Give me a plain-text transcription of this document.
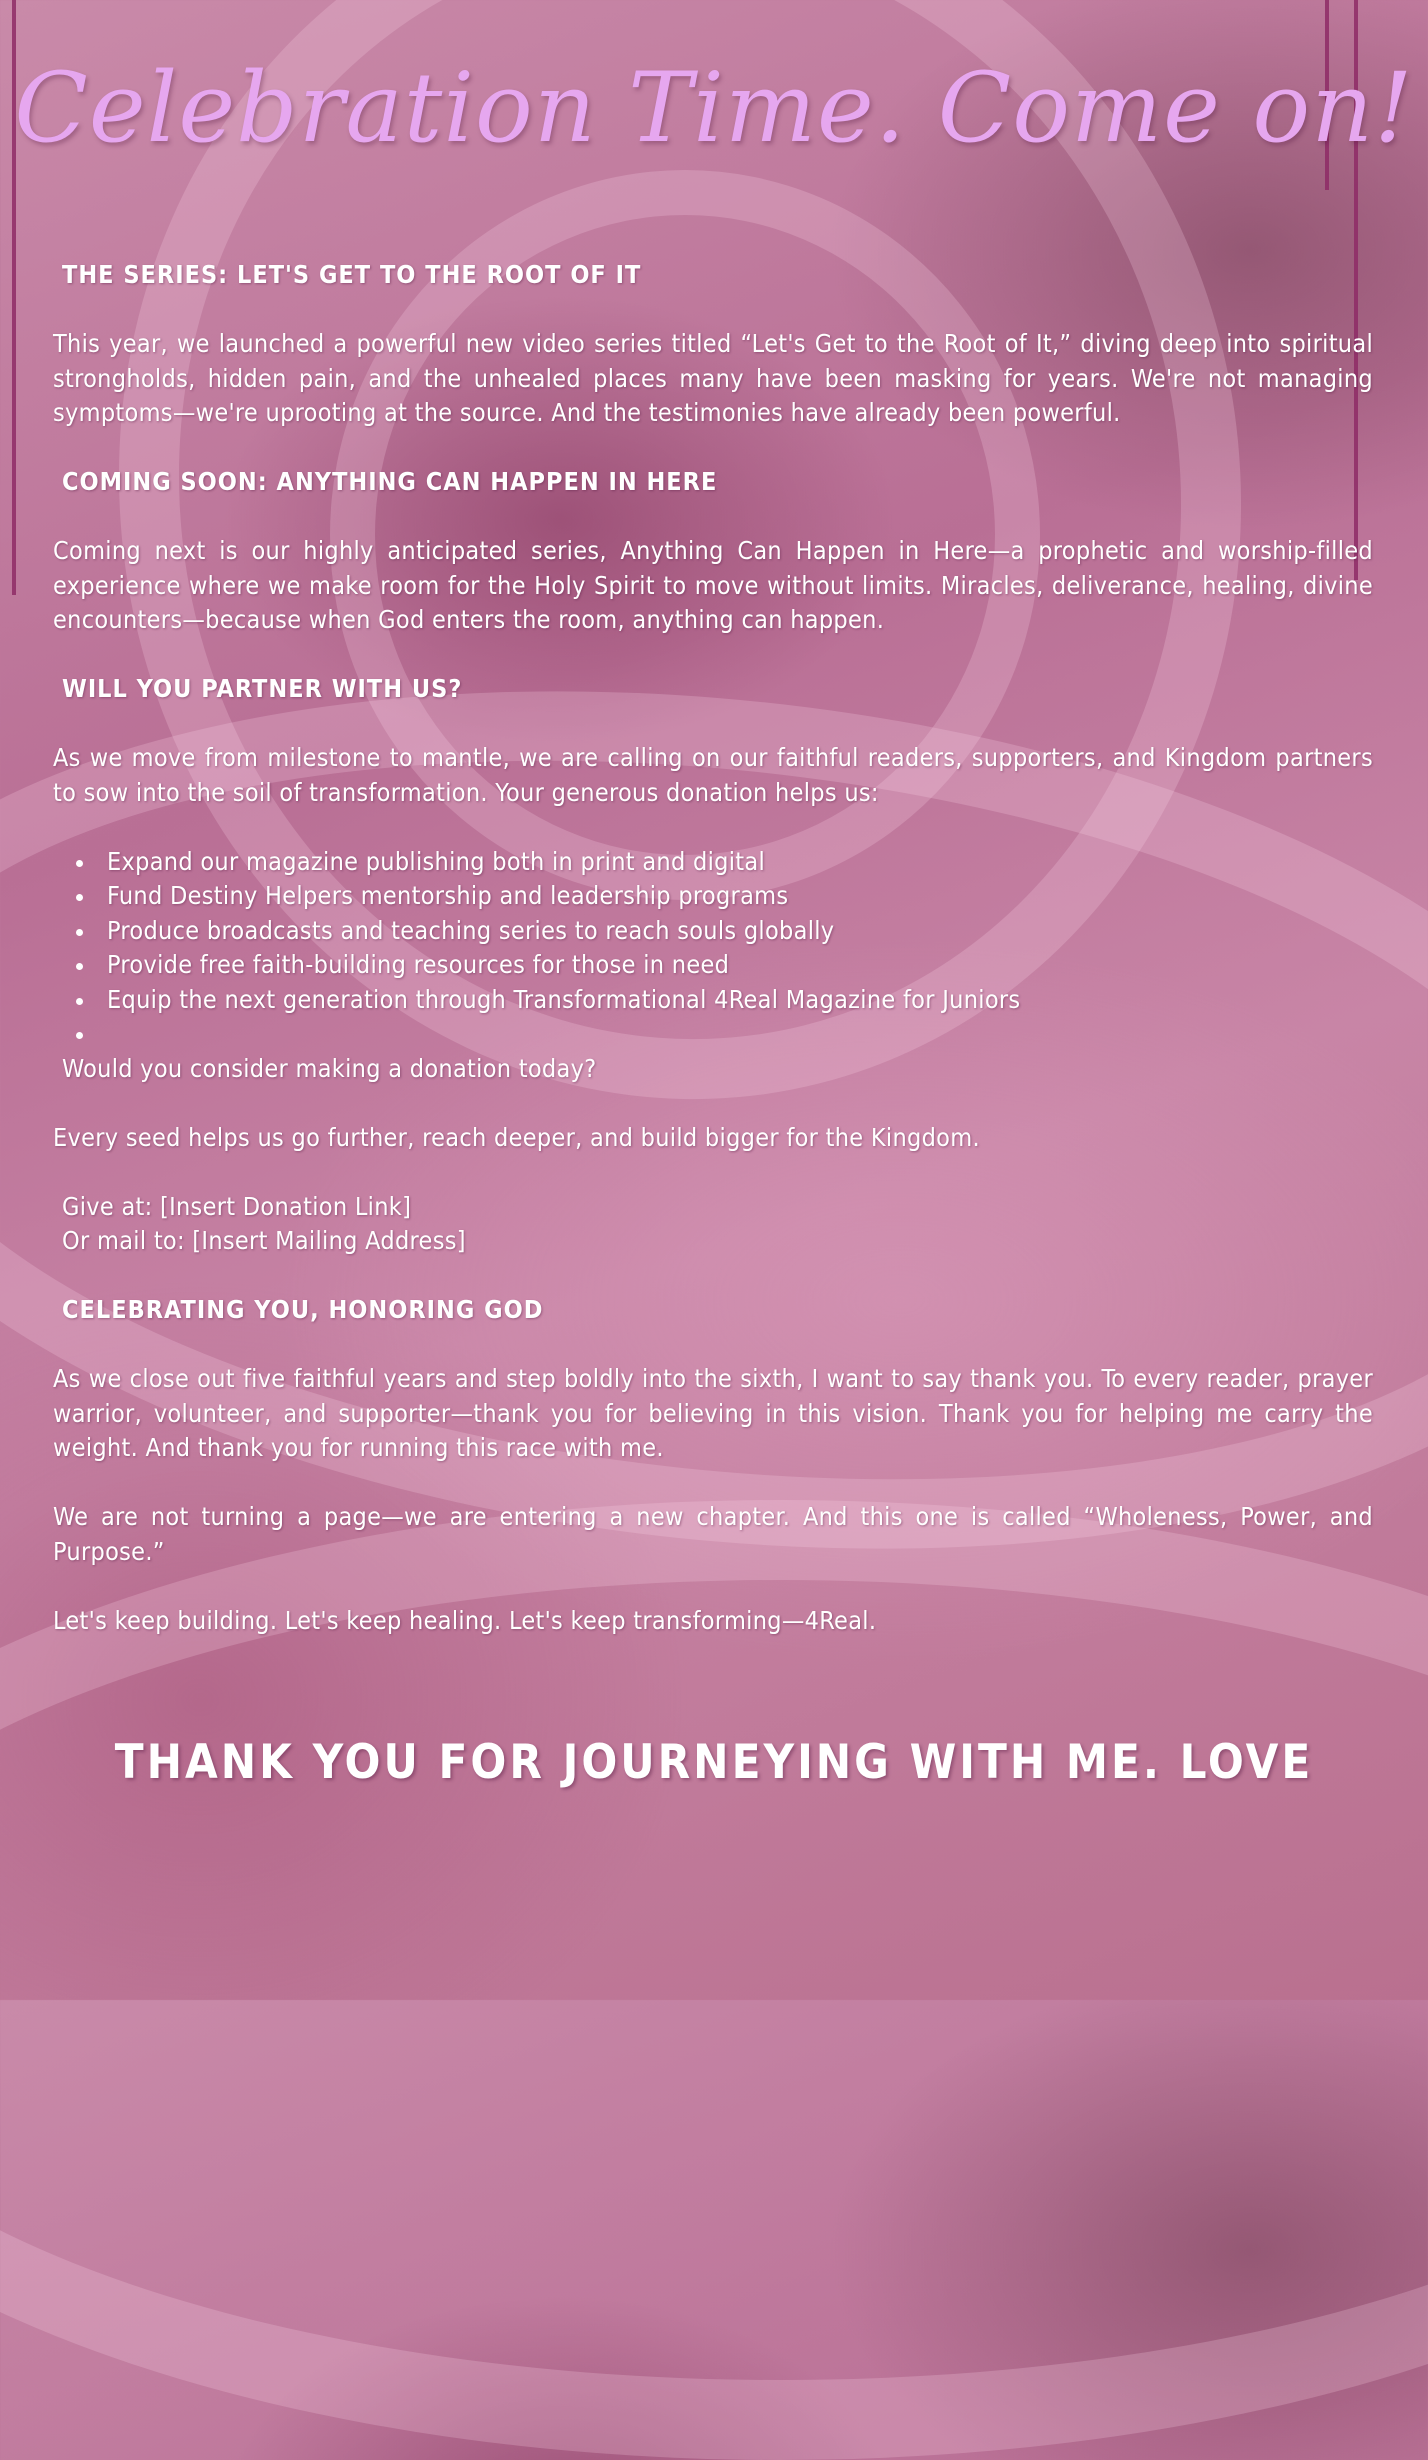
Celebration Time. Come on!

THE SERIES: LET'S GET TO THE ROOT OF IT

This year, we launched a powerful new video series titled “Let's Get to the Root of It,” diving deep into spiritual strongholds, hidden pain, and the unhealed places many have been masking for years. We're not managing symptoms—we're uprooting at the source. And the testimonies have already been powerful.

COMING SOON: ANYTHING CAN HAPPEN IN HERE

Coming next is our highly anticipated series, Anything Can Happen in Here—a prophetic and worship-filled experience where we make room for the Holy Spirit to move without limits. Miracles, deliverance, healing, divine encounters—because when God enters the room, anything can happen.

WILL YOU PARTNER WITH US?

As we move from milestone to mantle, we are calling on our faithful readers, supporters, and Kingdom partners to sow into the soil of transformation. Your generous donation helps us:

Expand our magazine publishing both in print and digital
Fund Destiny Helpers mentorship and leadership programs
Produce broadcasts and teaching series to reach souls globally
Provide free faith-building resources for those in need
Equip the next generation through Transformational 4Real Magazine for Juniors

Would you consider making a donation today?

Every seed helps us go further, reach deeper, and build bigger for the Kingdom.

Give at: [Insert Donation Link]

Or mail to: [Insert Mailing Address]

CELEBRATING YOU, HONORING GOD

As we close out five faithful years and step boldly into the sixth, I want to say thank you. To every reader, prayer warrior, volunteer, and supporter—thank you for believing in this vision. Thank you for helping me carry the weight. And thank you for running this race with me.

We are not turning a page—we are entering a new chapter. And this one is called “Wholeness, Power, and Purpose.”

Let's keep building. Let's keep healing. Let's keep transforming—4Real.

THANK YOU FOR JOURNEYING WITH ME. LOVE
